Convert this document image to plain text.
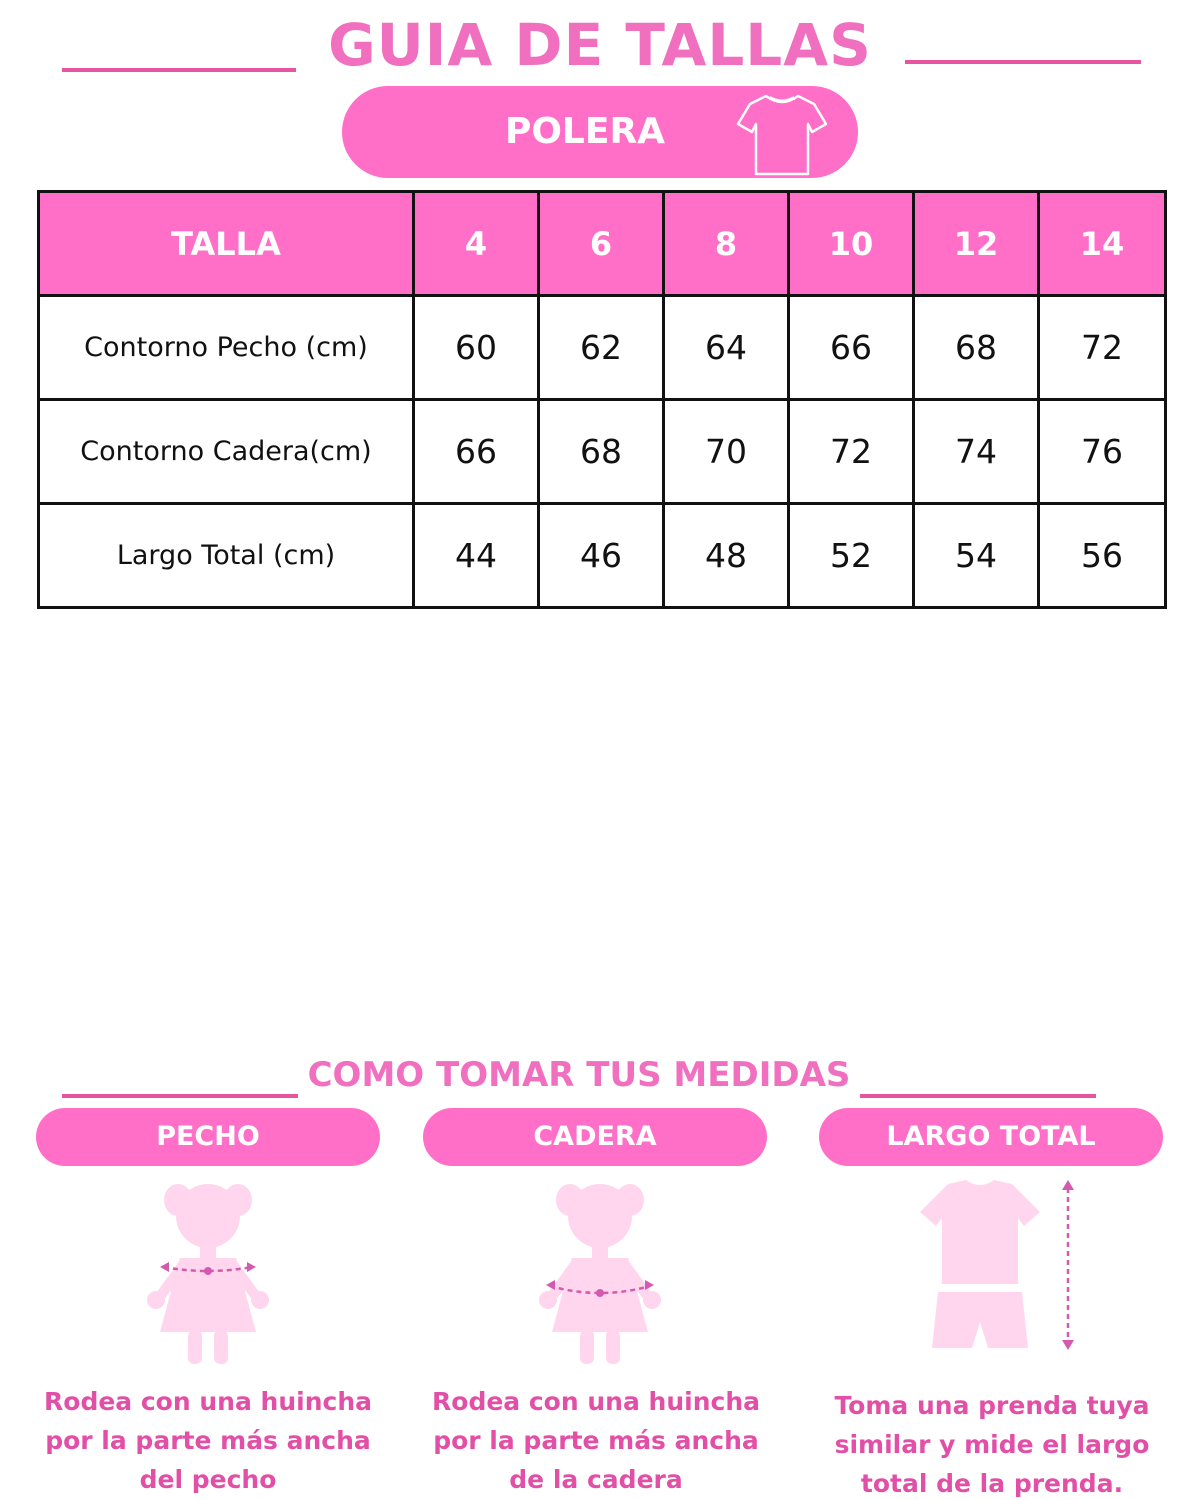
GUIA DE TALLAS
POLERA
TALLA	4	6	8	10	12	14
Contorno Pecho (cm)	60	62	64	66	68	72
Contorno Cadera(cm)	66	68	70	72	74	76
Largo Total (cm)	44	46	48	52	54	56
COMO TOMAR TUS MEDIDAS
PECHO
Rodea con una huincha
por la parte más ancha
del pecho
CADERA
Rodea con una huincha
por la parte más ancha
de la cadera
LARGO TOTAL
Toma una prenda tuya
similar y mide el largo
total de la prenda.
